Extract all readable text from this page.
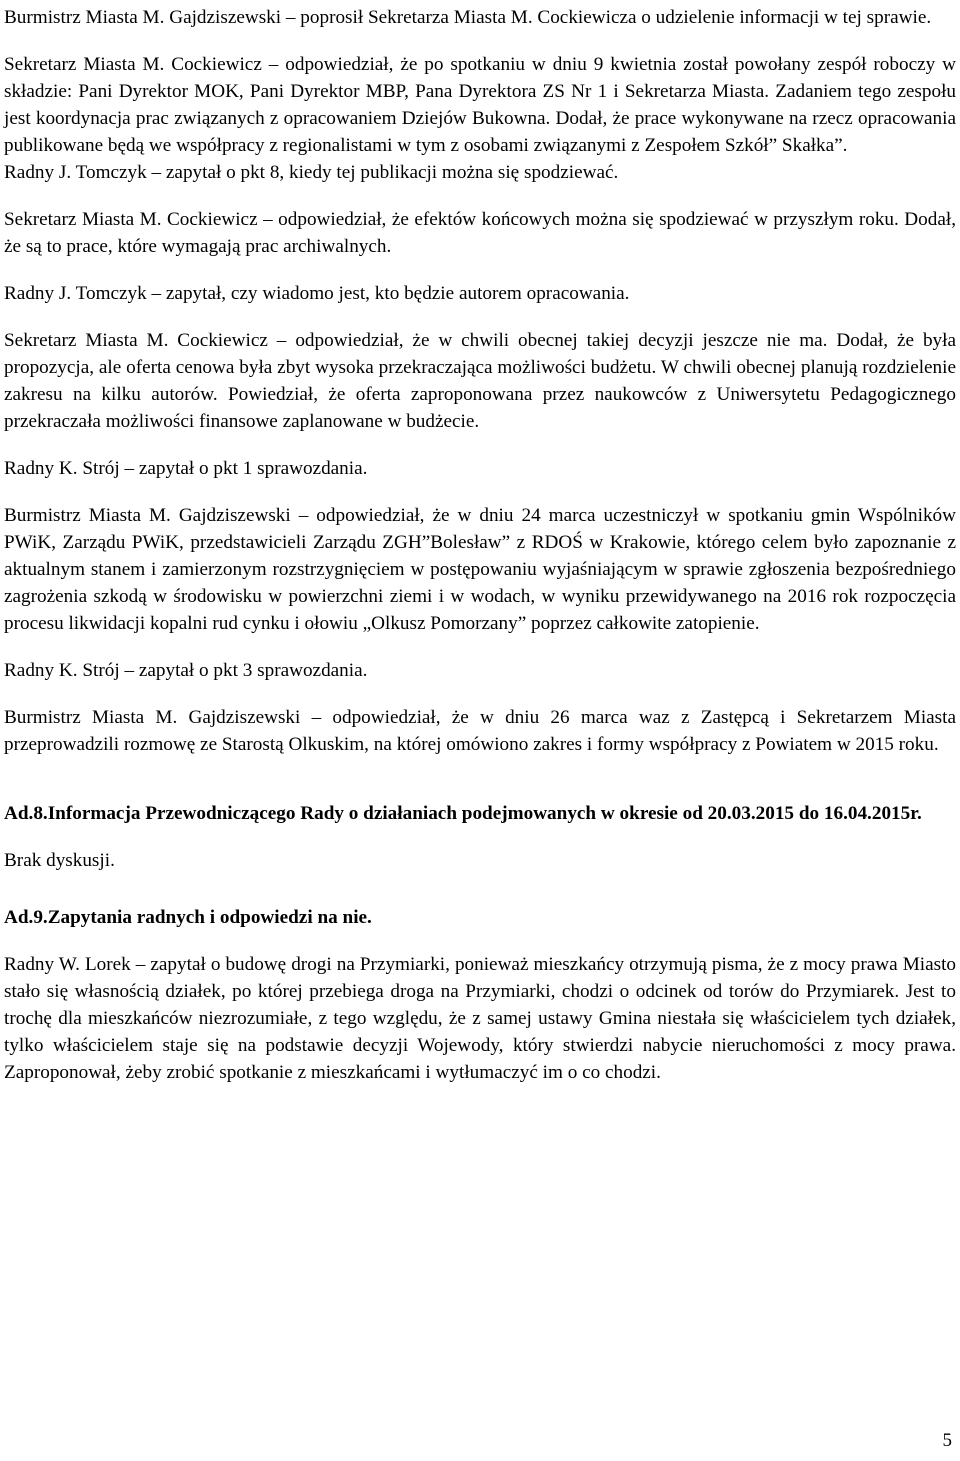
Burmistrz Miasta M. Gajdziszewski – poprosił Sekretarza Miasta M. Cockiewicza o udzielenie informacji w tej sprawie.

Sekretarz Miasta M. Cockiewicz – odpowiedział, że po spotkaniu w dniu 9 kwietnia został powołany zespół roboczy w składzie: Pani Dyrektor MOK, Pani Dyrektor MBP, Pana Dyrektora ZS Nr 1 i Sekretarza Miasta. Zadaniem tego zespołu jest koordynacja prac związanych z opracowaniem Dziejów Bukowna. Dodał, że prace wykonywane na rzecz opracowania publikowane będą we współpracy z regionalistami w tym z osobami związanymi z Zespołem Szkół” Skałka”.

Radny J. Tomczyk – zapytał o pkt 8, kiedy tej publikacji można się spodziewać.

Sekretarz Miasta M. Cockiewicz – odpowiedział, że efektów końcowych można się spodziewać w przyszłym roku. Dodał, że są to prace, które wymagają prac archiwalnych.

Radny J. Tomczyk – zapytał, czy wiadomo jest, kto będzie autorem opracowania.

Sekretarz Miasta M. Cockiewicz – odpowiedział, że w chwili obecnej takiej decyzji jeszcze nie ma. Dodał, że była propozycja, ale oferta cenowa była zbyt wysoka przekraczająca możliwości budżetu. W chwili obecnej planują rozdzielenie zakresu na kilku autorów. Powiedział, że oferta zaproponowana przez naukowców z Uniwersytetu Pedagogicznego przekraczała możliwości finansowe zaplanowane w budżecie.

Radny K. Strój – zapytał o pkt 1 sprawozdania.

Burmistrz Miasta M. Gajdziszewski – odpowiedział, że w dniu 24 marca uczestniczył w spotkaniu gmin Wspólników PWiK, Zarządu PWiK, przedstawicieli Zarządu ZGH”Bolesław” z RDOŚ w Krakowie, którego celem było zapoznanie z aktualnym stanem i zamierzonym rozstrzygnięciem w postępowaniu wyjaśniającym w sprawie zgłoszenia bezpośredniego zagrożenia szkodą w środowisku w powierzchni ziemi i w wodach, w wyniku przewidywanego na 2016 rok rozpoczęcia procesu likwidacji kopalni rud cynku i ołowiu „Olkusz Pomorzany” poprzez całkowite zatopienie.

Radny K. Strój – zapytał o pkt 3 sprawozdania.

Burmistrz Miasta M. Gajdziszewski – odpowiedział, że w dniu 26 marca waz z Zastępcą i Sekretarzem Miasta przeprowadzili rozmowę ze Starostą Olkuskim, na której omówiono zakres i formy współpracy z Powiatem w 2015 roku.

Ad.8.Informacja Przewodniczącego Rady o działaniach podejmowanych w okresie od 20.03.2015 do 16.04.2015r.

Brak dyskusji.

Ad.9.Zapytania radnych i odpowiedzi na nie.

Radny W. Lorek – zapytał o budowę drogi na Przymiarki, ponieważ mieszkańcy otrzymują pisma, że z mocy prawa Miasto stało się własnością działek, po której przebiega droga na Przymiarki, chodzi o odcinek od torów do Przymiarek. Jest to trochę dla mieszkańców niezrozumiałe, z tego względu, że z samej ustawy Gmina niestała się właścicielem tych działek, tylko właścicielem staje się na podstawie decyzji Wojewody, który stwierdzi nabycie nieruchomości z mocy prawa. Zaproponował, żeby zrobić spotkanie z mieszkańcami i wytłumaczyć im o co chodzi.

5
